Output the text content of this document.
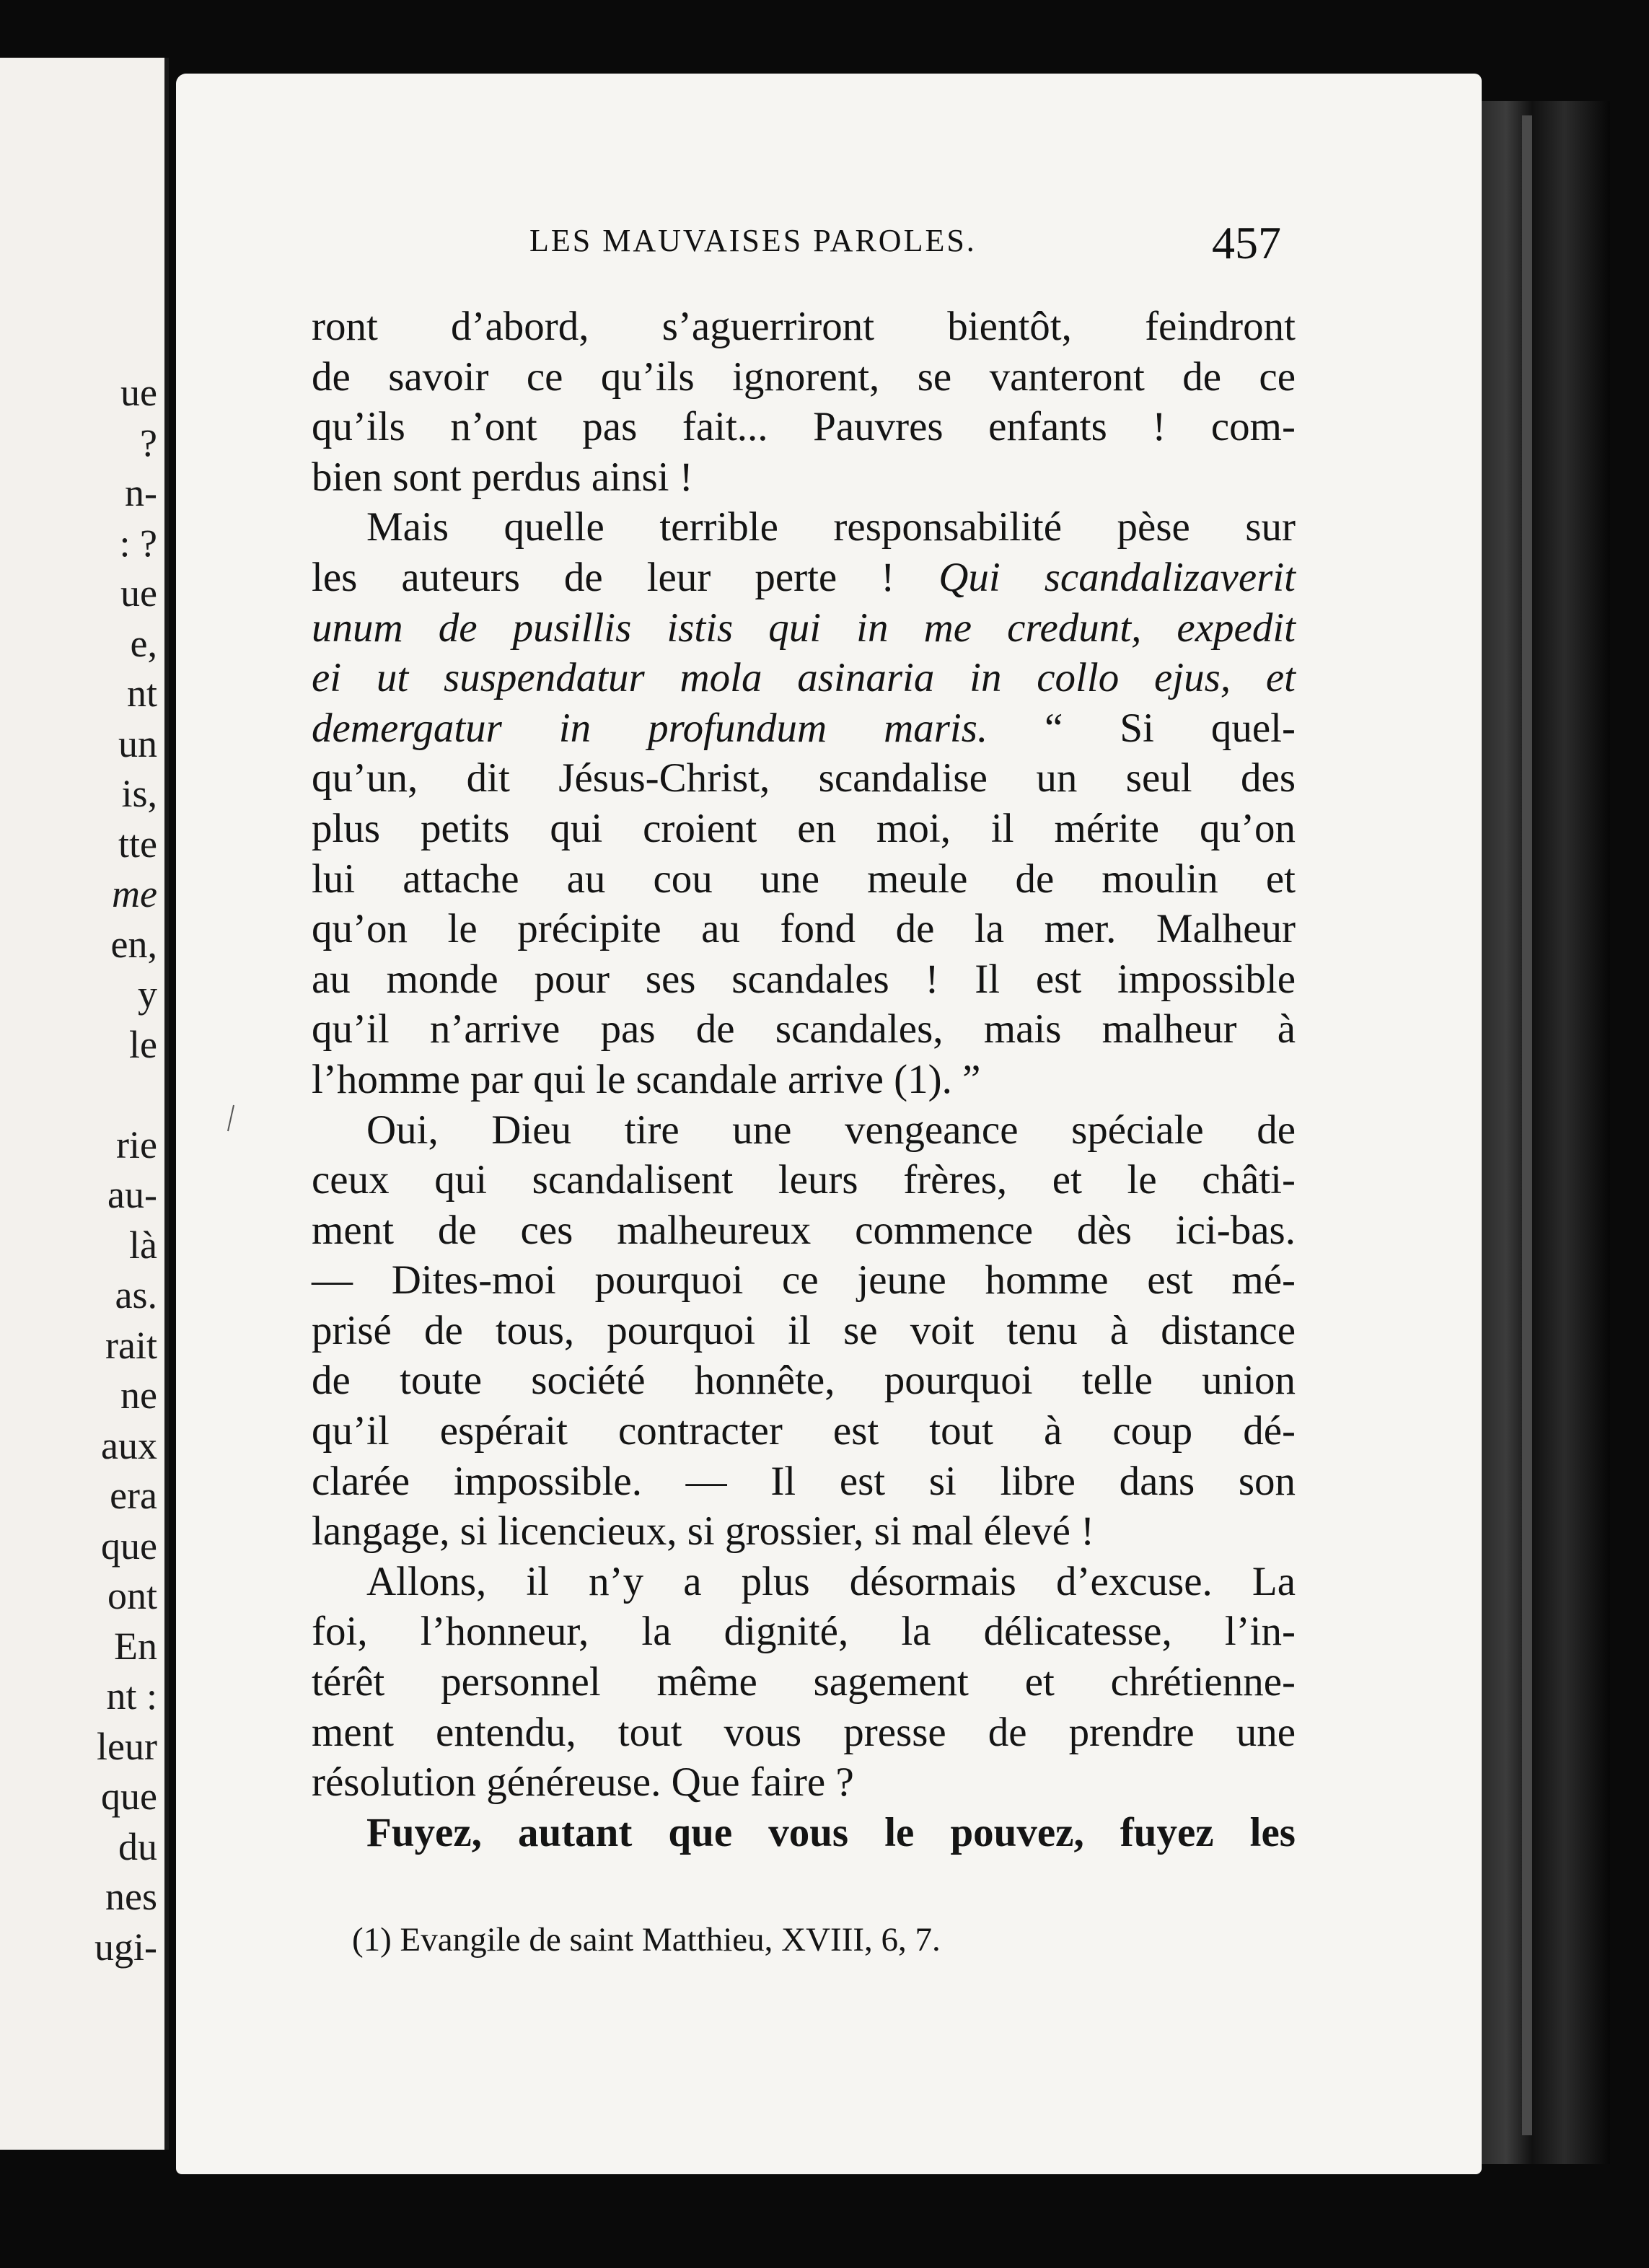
ue
?
n-
: ?
ue
e,
nt
un
is,
tte
me
en,
y
le

rie
au-
là
as.
rait
ne
aux
era
que
ont
En
nt :
leur
que
du
nes
ugi-
LES MAUVAISES PAROLES.	457
ront d’abord, s’aguerriront bientôt, feindront
de savoir ce qu’ils ignorent, se vanteront de ce
qu’ils n’ont pas fait... Pauvres enfants ! com-
bien sont perdus ainsi !
Mais quelle terrible responsabilité pèse sur
les auteurs de leur perte ! Qui scandalizaverit
unum de pusillis istis qui in me credunt, expedit
ei ut suspendatur mola asinaria in collo ejus, et
demergatur in profundum maris. “ Si quel-
qu’un, dit Jésus-Christ, scandalise un seul des
plus petits qui croient en moi, il mérite qu’on
lui attache au cou une meule de moulin et
qu’on le précipite au fond de la mer. Malheur
au monde pour ses scandales ! Il est impossible
qu’il n’arrive pas de scandales, mais malheur à
l’homme par qui le scandale arrive (1). ”
Oui, Dieu tire une vengeance spéciale de
ceux qui scandalisent leurs frères, et le châti-
ment de ces malheureux commence dès ici-bas.
— Dites-moi pourquoi ce jeune homme est mé-
prisé de tous, pourquoi il se voit tenu à distance
de toute société honnête, pourquoi telle union
qu’il espérait contracter est tout à coup dé-
clarée impossible. — Il est si libre dans son
langage, si licencieux, si grossier, si mal élevé !
Allons, il n’y a plus désormais d’excuse. La
foi, l’honneur, la dignité, la délicatesse, l’in-
térêt personnel même sagement et chrétienne-
ment entendu, tout vous presse de prendre une
résolution généreuse. Que faire ?
Fuyez, autant que vous le pouvez, fuyez les
(1) Evangile de saint Matthieu, XVIII, 6, 7.
